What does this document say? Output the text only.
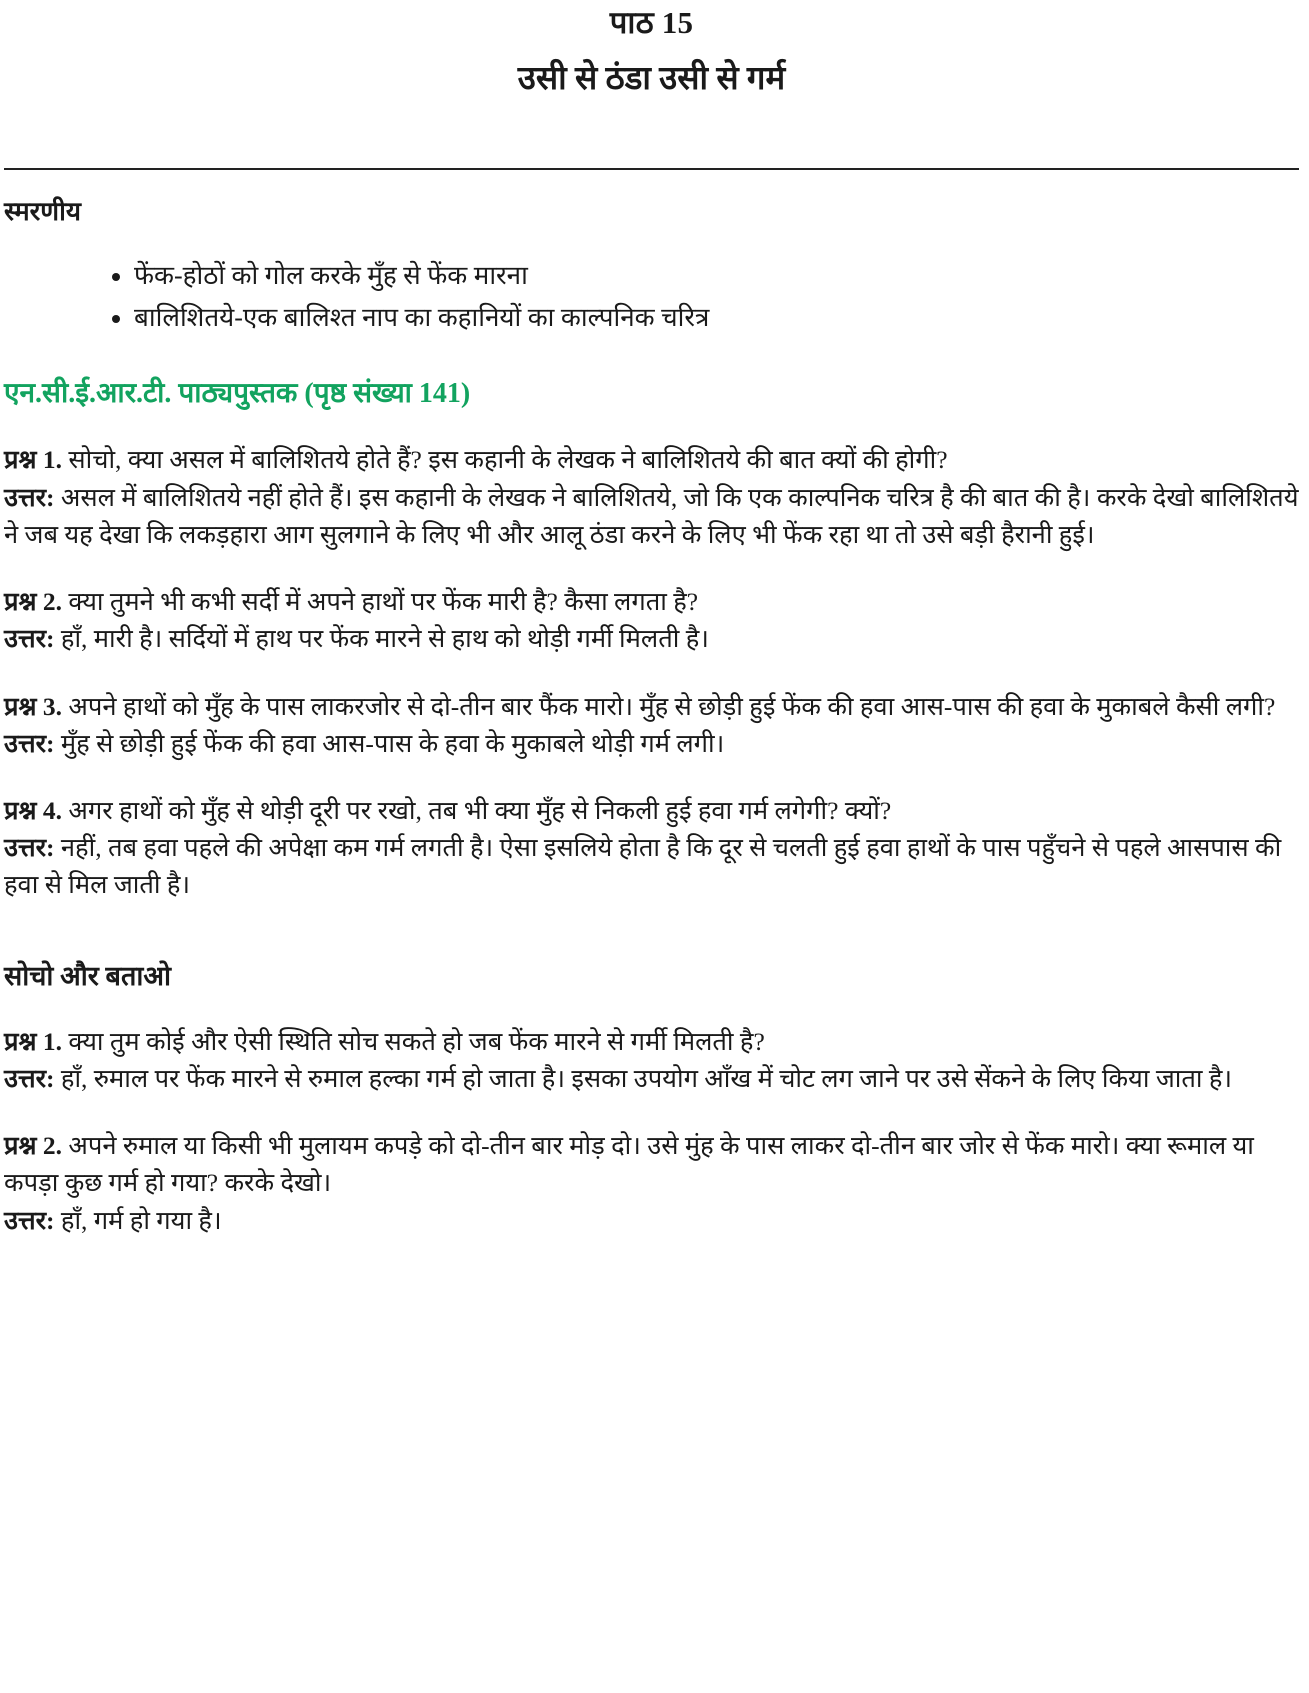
पाठ 15
उसी से ठंडा उसी से गर्म
स्मरणीय
• फेंक-होठों को गोल करके मुँह से फेंक मारना
• बालिशितये-एक बालिश्त नाप का कहानियों का काल्पनिक चरित्र
एन.सी.ई.आर.टी. पाठ्यपुस्तक (पृष्ठ संख्या 141)

प्रश्न 1. सोचो, क्या असल में बालिशितये होते हैं? इस कहानी के लेखक ने बालिशितये की बात क्यों की होगी?

उत्तर: असल में बालिशितये नहीं होते हैं। इस कहानी के लेखक ने बालिशितये, जो कि एक काल्पनिक चरित्र है की बात की है। करके देखो बालिशितये ने जब यह देखा कि लकड़हारा आग सुलगाने के लिए भी और आलू ठंडा करने के लिए भी फेंक रहा था तो उसे बड़ी हैरानी हुई।

प्रश्न 2. क्या तुमने भी कभी सर्दी में अपने हाथों पर फेंक मारी है? कैसा लगता है?

उत्तर: हाँ, मारी है। सर्दियों में हाथ पर फेंक मारने से हाथ को थोड़ी गर्मी मिलती है।

प्रश्न 3. अपने हाथों को मुँह के पास लाकरजोर से दो-तीन बार फैंक मारो। मुँह से छोड़ी हुई फेंक की हवा आस-पास की हवा के मुकाबले कैसी लगी?

उत्तर: मुँह से छोड़ी हुई फेंक की हवा आस-पास के हवा के मुकाबले थोड़ी गर्म लगी।

प्रश्न 4. अगर हाथों को मुँह से थोड़ी दूरी पर रखो, तब भी क्या मुँह से निकली हुई हवा गर्म लगेगी? क्यों?

उत्तर: नहीं, तब हवा पहले की अपेक्षा कम गर्म लगती है। ऐसा इसलिये होता है कि दूर से चलती हुई हवा हाथों के पास पहुँचने से पहले आसपास की हवा से मिल जाती है।

सोचो और बताओ

प्रश्न 1. क्या तुम कोई और ऐसी स्थिति सोच सकते हो जब फेंक मारने से गर्मी मिलती है?

उत्तर: हाँ, रुमाल पर फेंक मारने से रुमाल हल्का गर्म हो जाता है। इसका उपयोग आँख में चोट लग जाने पर उसे सेंकने के लिए किया जाता है।

प्रश्न 2. अपने रुमाल या किसी भी मुलायम कपड़े को दो-तीन बार मोड़ दो। उसे मुंह के पास लाकर दो-तीन बार जोर से फेंक मारो। क्या रूमाल या कपड़ा कुछ गर्म हो गया? करके देखो।

उत्तर: हाँ, गर्म हो गया है।
